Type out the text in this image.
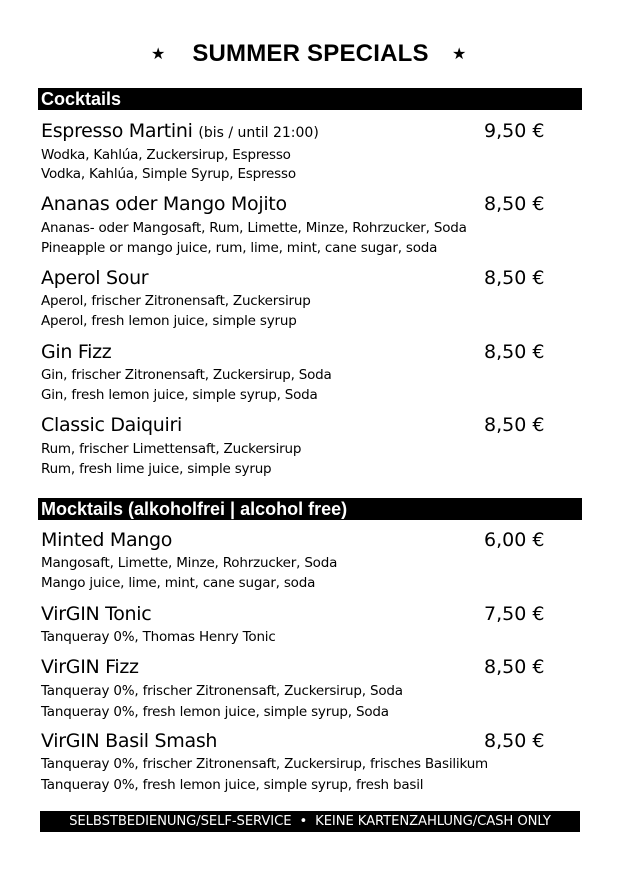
★	SUMMER SPECIALS	★
Cocktails
Espresso Martini (bis / until 21:00)	9,50 €
Wodka, Kahlúa, Zuckersirup, Espresso
Vodka, Kahlúa, Simple Syrup, Espresso
Ananas oder Mango Mojito	8,50 €
Ananas- oder Mangosaft, Rum, Limette, Minze, Rohrzucker, Soda
Pineapple or mango juice, rum, lime, mint, cane sugar, soda
Aperol Sour	8,50 €
Aperol, frischer Zitronensaft, Zuckersirup
Aperol, fresh lemon juice, simple syrup
Gin Fizz	8,50 €
Gin, frischer Zitronensaft, Zuckersirup, Soda
Gin, fresh lemon juice, simple syrup, Soda
Classic Daiquiri	8,50 €
Rum, frischer Limettensaft, Zuckersirup
Rum, fresh lime juice, simple syrup
Mocktails (alkoholfrei | alcohol free)
Minted Mango	6,00 €
Mangosaft, Limette, Minze, Rohrzucker, Soda
Mango juice, lime, mint, cane sugar, soda
VirGIN Tonic	7,50 €
Tanqueray 0%, Thomas Henry Tonic
VirGIN Fizz	8,50 €
Tanqueray 0%, frischer Zitronensaft, Zuckersirup, Soda
Tanqueray 0%, fresh lemon juice, simple syrup, Soda
VirGIN Basil Smash	8,50 €
Tanqueray 0%, frischer Zitronensaft, Zuckersirup, frisches Basilikum
Tanqueray 0%, fresh lemon juice, simple syrup, fresh basil
SELBSTBEDIENUNG/SELF-SERVICE • KEINE KARTENZAHLUNG/CASH ONLY
